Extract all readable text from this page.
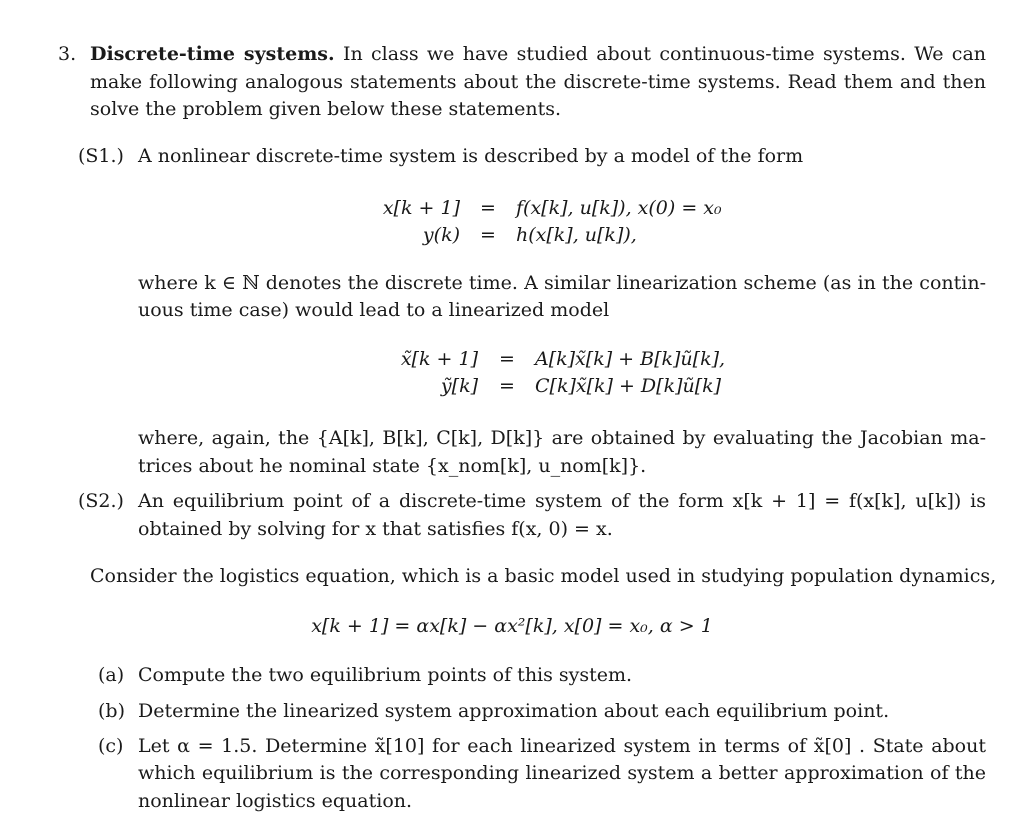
3. Discrete-time systems. In class we have studied about continuous-time systems. We can
make following analogous statements about the discrete-time systems. Read them and then
solve the problem given below these statements.
(S1.) A nonlinear discrete-time system is described by a model of the form
x[k + 1] = f(x[k], u[k]), x(0) = x₀
y(k) = h(x[k], u[k]),
where k ∈ ℕ denotes the discrete time. A similar linearization scheme (as in the contin-
uous time case) would lead to a linearized model
x̃[k + 1] = A[k]x̃[k] + B[k]ũ[k],
ỹ[k] = C[k]x̃[k] + D[k]ũ[k]
where, again, the {A[k], B[k], C[k], D[k]} are obtained by evaluating the Jacobian ma-
trices about he nominal state {x_nom[k], u_nom[k]}.
(S2.) An equilibrium point of a discrete-time system of the form x[k + 1] = f(x[k], u[k]) is
obtained by solving for x that satisfies f(x, 0) = x.
Consider the logistics equation, which is a basic model used in studying population dynamics,
x[k + 1] = αx[k] − αx²[k], x[0] = x₀, α > 1
(a) Compute the two equilibrium points of this system.
(b) Determine the linearized system approximation about each equilibrium point.
(c) Let α = 1.5. Determine x̃[10] for each linearized system in terms of x̃[0] . State about
which equilibrium is the corresponding linearized system a better approximation of the
nonlinear logistics equation.
